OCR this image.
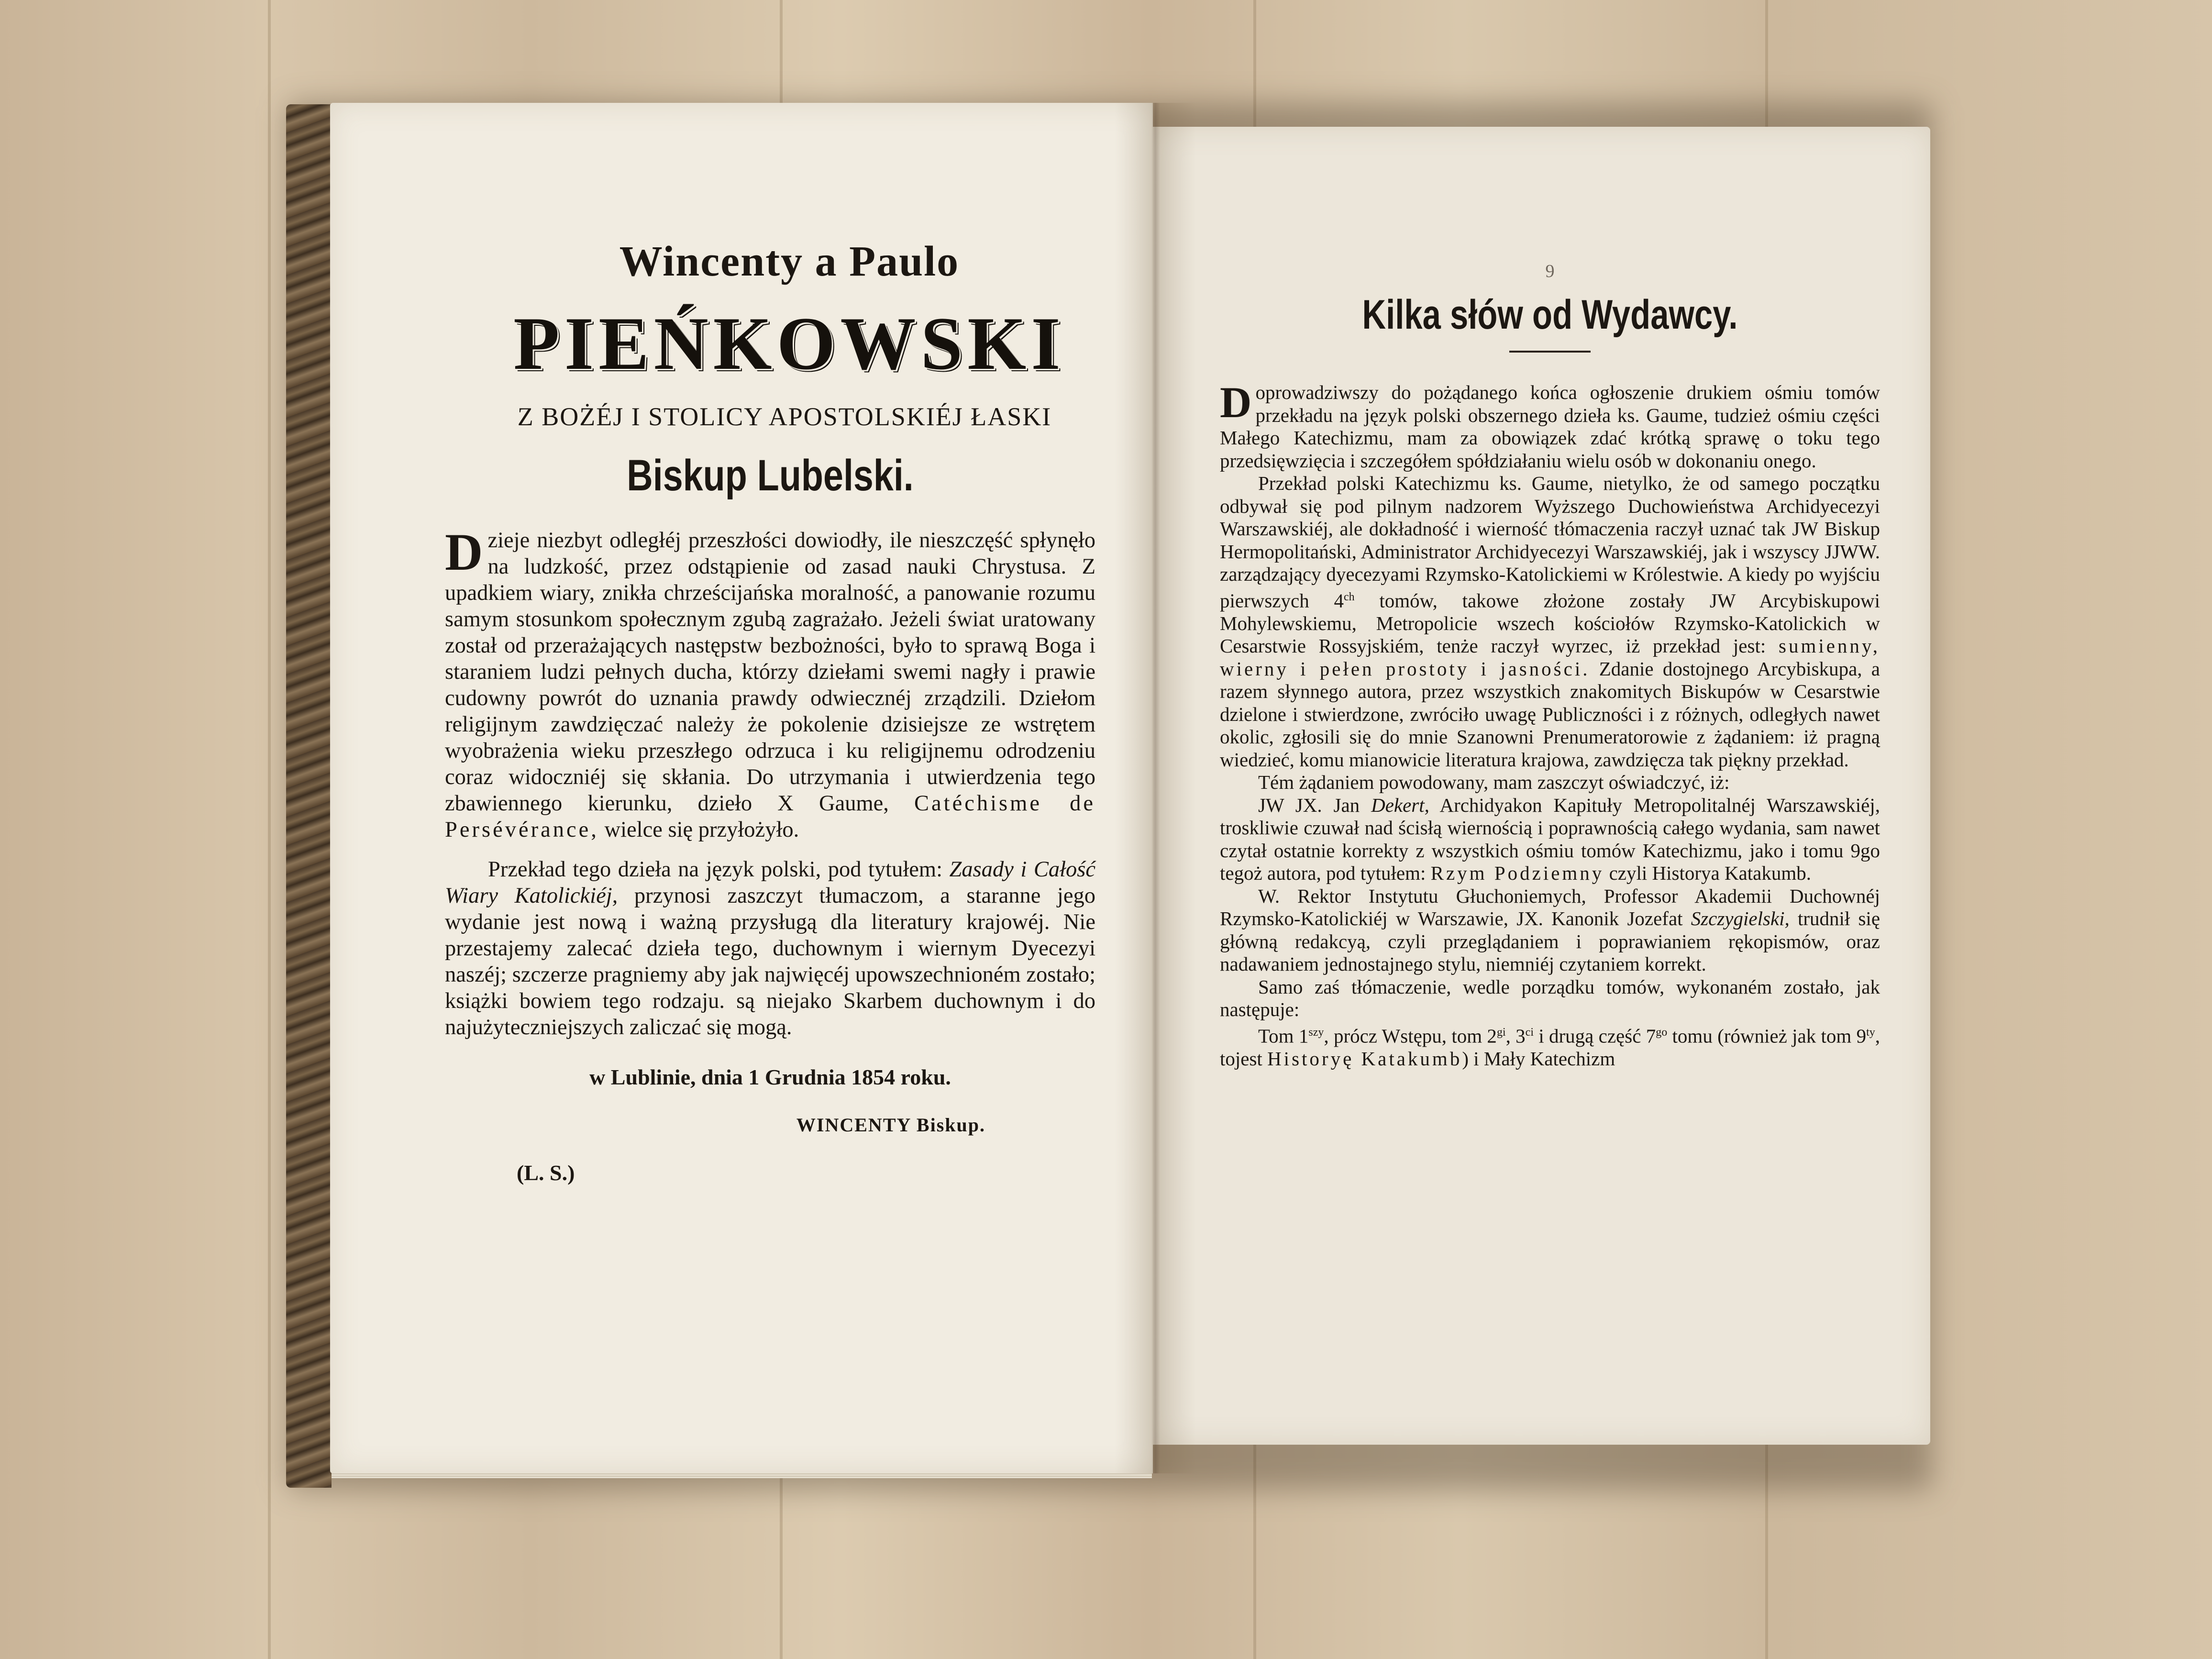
Wincenty a Paulo
PIEŃKOWSKI
Z BOŻÉJ I STOLICY APOSTOLSKIÉJ ŁASKI
Biskup Lubelski.

Dzieje niezbyt odległéj przeszłości dowiodły, ile nieszczęść spłynęło na ludzkość, przez odstąpienie od zasad nauki Chrystusa. Z upadkiem wiary, znikła chrześcijańska moralność, a panowanie rozumu samym stosunkom społecznym zgubą zagrażało. Jeżeli świat uratowany został od przerażających następstw bezbożności, było to sprawą Boga i staraniem ludzi pełnych ducha, którzy dziełami swemi nagły i prawie cudowny powrót do uznania prawdy odwiecznéj zrządzili. Dziełom religijnym zawdzięczać należy że pokolenie dzisiejsze ze wstrętem wyobrażenia wieku przeszłego odrzuca i ku religijnemu odrodzeniu coraz widoczniéj się skłania. Do utrzymania i utwierdzenia tego zbawiennego kierunku, dzieło X Gaume, Catéchisme de Persévérance, wielce się przyłożyło.

Przekład tego dzieła na język polski, pod tytułem: Zasady i Całość Wiary Katolickiéj, przynosi zaszczyt tłumaczom, a staranne jego wydanie jest nową i ważną przysługą dla literatury krajowéj. Nie przestajemy zalecać dzieła tego, duchownym i wiernym Dyecezyi naszéj; szczerze pragniemy aby jak najwięcéj upowszechnioném zostało; książki bowiem tego rodzaju. są niejako Skarbem duchownym i do najużyteczniejszych zaliczać się mogą.

w Lublinie, dnia 1 Grudnia 1854 roku.
WINCENTY Biskup.
(L. S.)
9
Kilka słów od Wydawcy.

Doprowadziwszy do pożądanego końca ogłoszenie drukiem ośmiu tomów przekładu na język polski obszernego dzieła ks. Gaume, tudzież ośmiu części Małego Katechizmu, mam za obowiązek zdać krótką sprawę o toku tego przedsięwzięcia i szczegółem spółdziałaniu wielu osób w dokonaniu onego.

Przekład polski Katechizmu ks. Gaume, nietylko, że od samego początku odbywał się pod pilnym nadzorem Wyższego Duchowieństwa Archidyecezyi Warszawskiéj, ale dokładność i wierność tłómaczenia raczył uznać tak JW Biskup Hermopolitański, Administrator Archidyecezyi Warszawskiéj, jak i wszyscy JJWW. zarządzający dyecezyami Rzymsko-Katolickiemi w Królestwie. A kiedy po wyjściu pierwszych $4^{ch}$ tomów, takowe złożone zostały JW Arcybiskupowi Mohylewskiemu, Metropolicie wszech kościołów Rzymsko-Katolickich w Cesarstwie Rossyjskiém, tenże raczył wyrzec, iż przekład jest: sumienny, wierny i pełen prostoty i jasności. Zdanie dostojnego Arcybiskupa, a razem słynnego autora, przez wszystkich znakomitych Biskupów w Cesarstwie dzielone i stwierdzone, zwróciło uwagę Publiczności i z różnych, odległych nawet okolic, zgłosili się do mnie Szanowni Prenumeratorowie z żądaniem: iż pragną wiedzieć, komu mianowicie literatura krajowa, zawdzięcza tak piękny przekład.

Tém żądaniem powodowany, mam zaszczyt oświadczyć, iż:

JW JX. Jan Dekert, Archidyakon Kapituły Metropolitalnéj Warszawskiéj, troskliwie czuwał nad ścisłą wiernością i poprawnością całego wydania, sam nawet czytał ostatnie korrekty z wszystkich ośmiu tomów Katechizmu, jako i tomu 9go tegoż autora, pod tytułem: Rzym Podziemny czyli Historya Katakumb.

W. Rektor Instytutu Głuchoniemych, Professor Akademii Duchownéj Rzymsko-Katolickiéj w Warszawie, JX. Kanonik Jozefat Szczygielski, trudnił się główną redakcyą, czyli przeglądaniem i poprawianiem rękopismów, oraz nadawaniem jednostajnego stylu, niemniéj czytaniem korrekt.

Samo zaś tłómaczenie, wedle porządku tomów, wykonaném zostało, jak następuje:

Tom $1^{szy}$, prócz Wstępu, tom $2^{gi}$, $3^{ci}$ i drugą część $7^{go}$ tomu (również jak tom $9^{ty}$, tojest Historyę Katakumb) i Mały Katechizm
